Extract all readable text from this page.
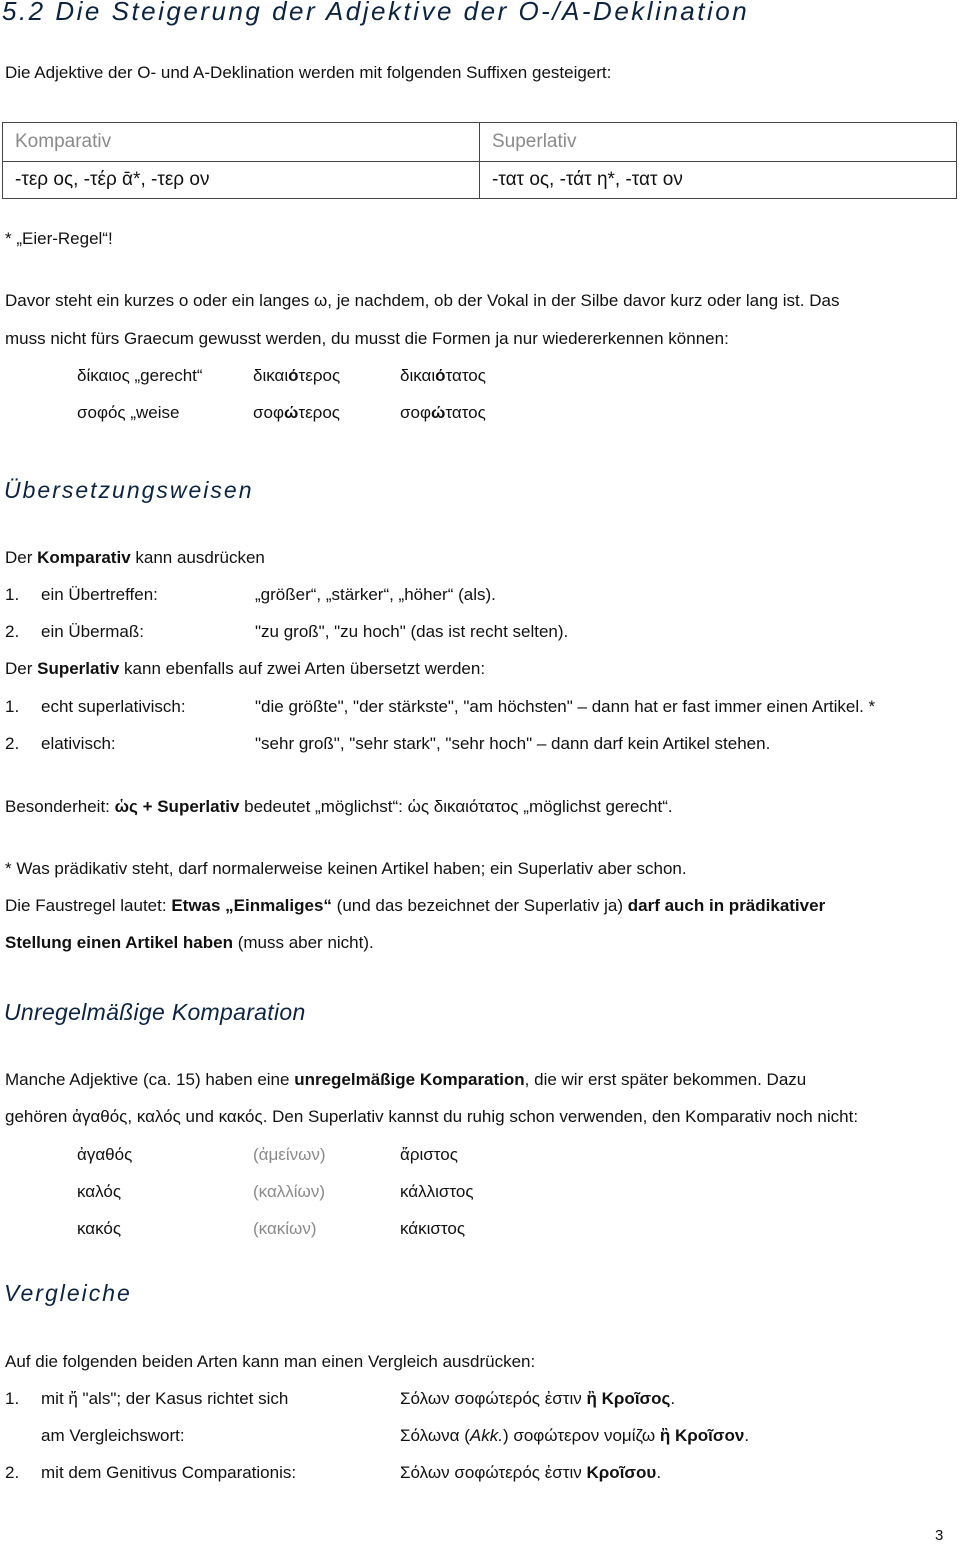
5.2 Die Steigerung der Adjektive der O-/A-Deklination
Die Adjektive der O- und A-Deklination werden mit folgenden Suffixen gesteigert:
Komparativ	Superlativ
-τερ ος, -τέρ ᾱ*, -τερ ον	-τατ ος, -τάτ η*, -τατ ον
* „Eier-Regel“!
Davor steht ein kurzes o oder ein langes ω, je nachdem, ob der Vokal in der Silbe davor kurz oder lang ist. Das
muss nicht fürs Graecum gewusst werden, du musst die Formen ja nur wiedererkennen können:
δίκαιος „gerecht“	δικαιότερος	δικαιότατος
σοφός „weise	σοφώτερος	σοφώτατος
Übersetzungsweisen
Der Komparativ kann ausdrücken
1. ein Übertreffen:	„größer“, „stärker“, „höher“ (als).
2. ein Übermaß:	"zu groß", "zu hoch" (das ist recht selten).
Der Superlativ kann ebenfalls auf zwei Arten übersetzt werden:
1. echt superlativisch:	"die größte", "der stärkste", "am höchsten" – dann hat er fast immer einen Artikel. *
2. elativisch:	"sehr groß", "sehr stark", "sehr hoch" – dann darf kein Artikel stehen.
Besonderheit: ὡς + Superlativ bedeutet „möglichst“: ὡς δικαιότατος „möglichst gerecht“.
* Was prädikativ steht, darf normalerweise keinen Artikel haben; ein Superlativ aber schon.
Die Faustregel lautet: Etwas „Einmaliges“ (und das bezeichnet der Superlativ ja) darf auch in prädikativer
Stellung einen Artikel haben (muss aber nicht).
Unregelmäßige Komparation
Manche Adjektive (ca. 15) haben eine unregelmäßige Komparation, die wir erst später bekommen. Dazu
gehören ἀγαθός, καλός und κακός. Den Superlativ kannst du ruhig schon verwenden, den Komparativ noch nicht:
ἀγαθός	(ἀμείνων)	ἄριστος
καλός	(καλλίων)	κάλλιστος
κακός	(κακίων)	κάκιστος
Vergleiche
Auf die folgenden beiden Arten kann man einen Vergleich ausdrücken:
1. mit ἤ "als"; der Kasus richtet sich	Σόλων σοφώτερός ἐστιν ἢ Κροῖσος.
am Vergleichswort:	Σόλωνα (Akk.) σοφώτερον νομίζω ἢ Κροῖσον.
2. mit dem Genitivus Comparationis:	Σόλων σοφώτερός ἐστιν Κροῖσου.
3
